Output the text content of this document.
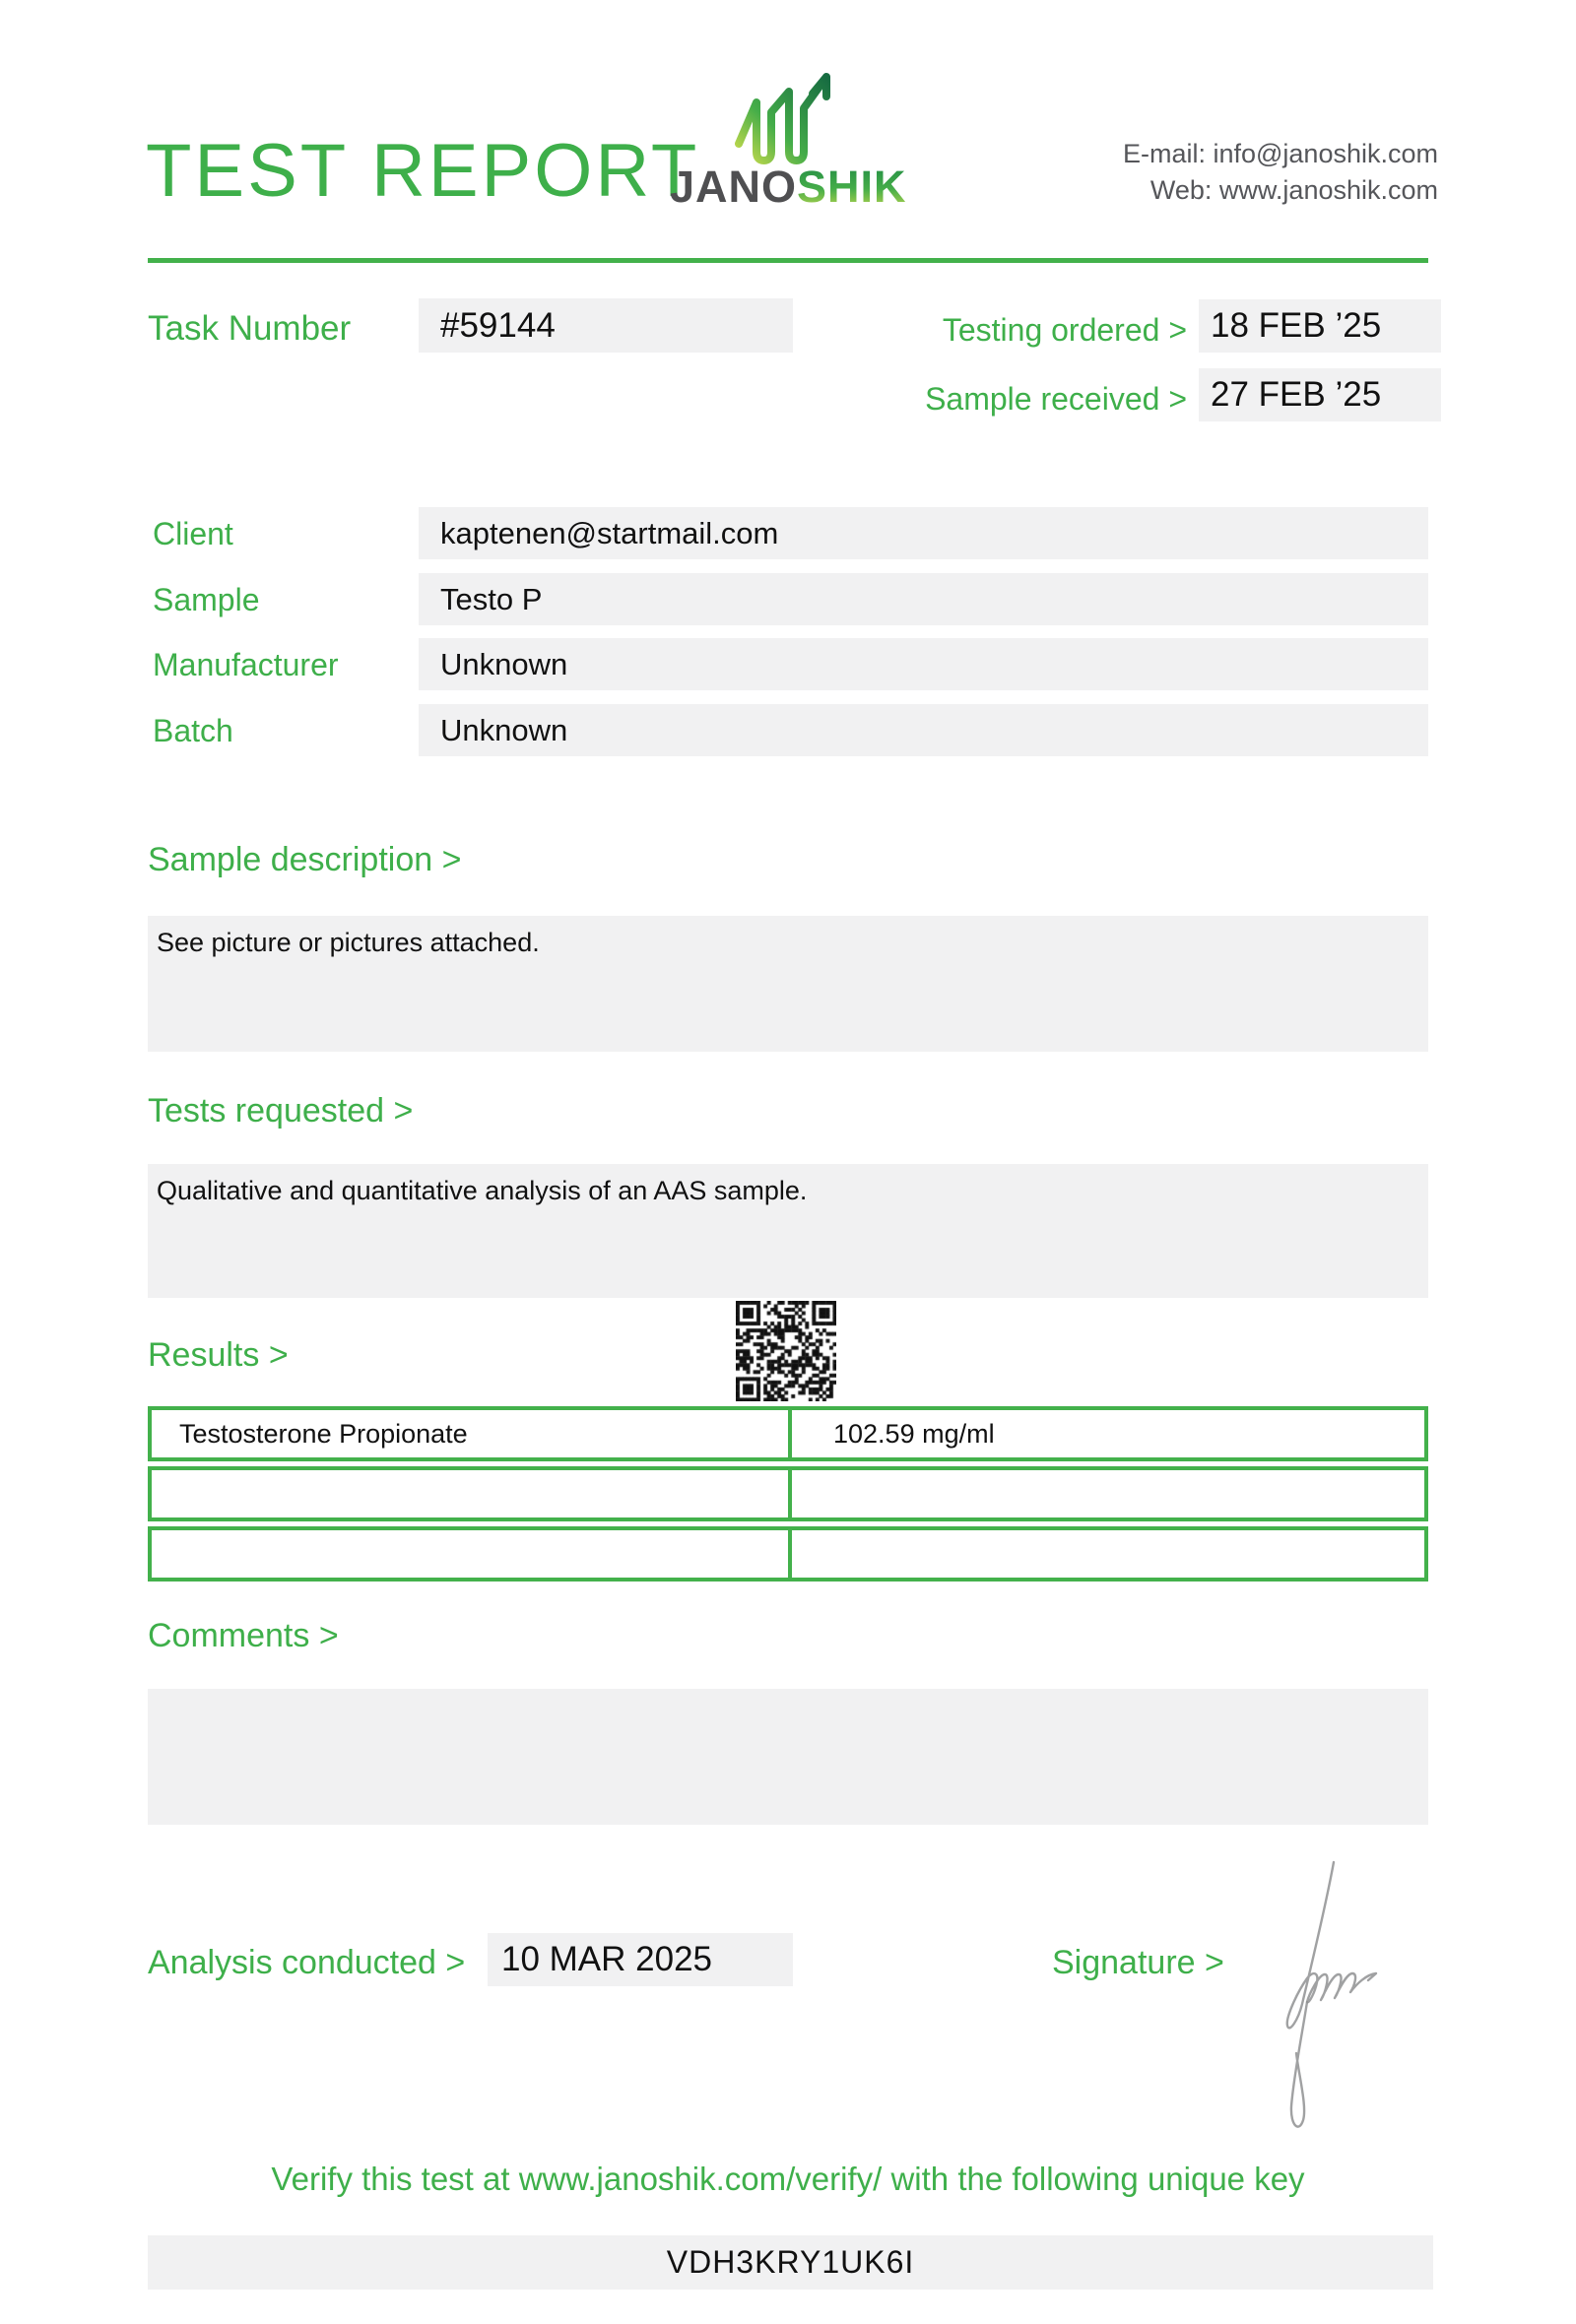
TEST REPORT
JANOSHIK
E-mail: info@janoshik.com
Web: www.janoshik.com
Task Number	#59144	Testing ordered > 18 FEB ’25
Sample received > 27 FEB ’25
Client	kaptenen@startmail.com
Sample	Testo P
Manufacturer	Unknown
Batch	Unknown
Sample description >
See picture or pictures attached.
Tests requested >
Qualitative and quantitative analysis of an AAS sample.
Results >
Testosterone Propionate	102.59 mg/ml
Comments >
Analysis conducted >	10 MAR 2025	Signature >
Verify this test at www.janoshik.com/verify/ with the following unique key
VDH3KRY1UK6I
